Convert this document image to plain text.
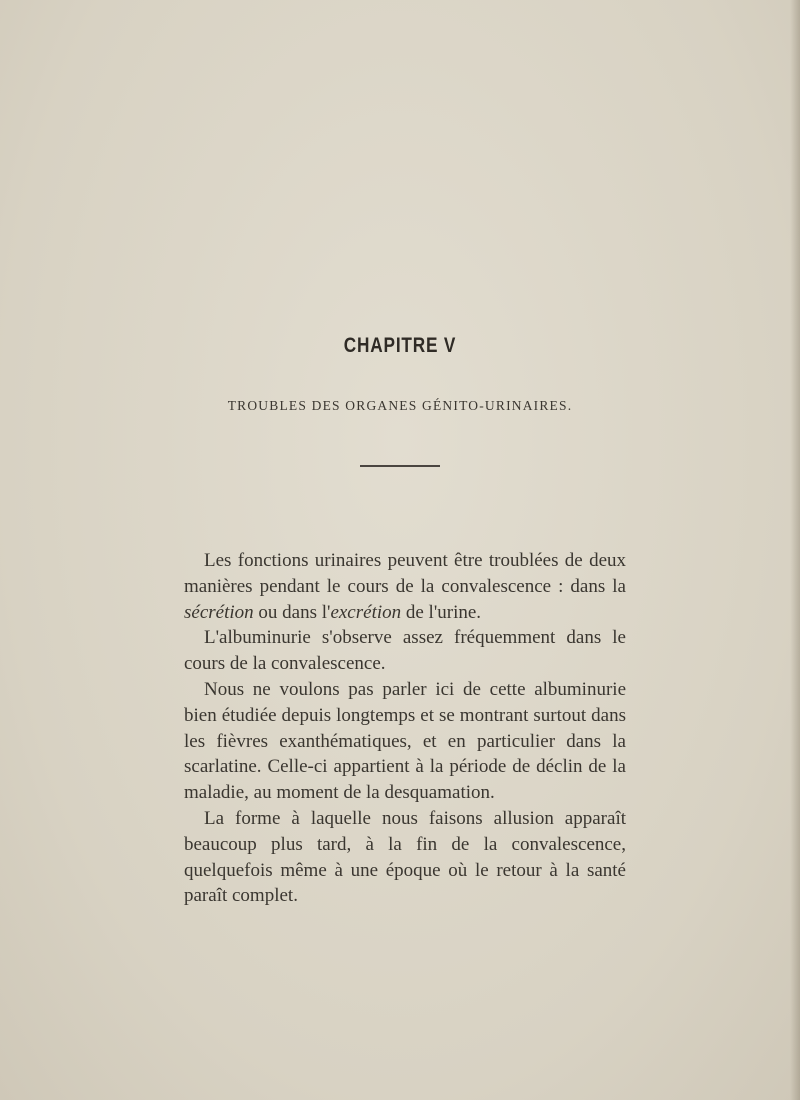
CHAPITRE V
TROUBLES DES ORGANES GÉNITO-URINAIRES.

Les fonctions urinaires peuvent être troublées de deux manières pendant le cours de la convalescence : dans la sécrétion ou dans l'excrétion de l'urine.

L'albuminurie s'observe assez fréquemment dans le cours de la convalescence.

Nous ne voulons pas parler ici de cette albuminurie bien étudiée depuis longtemps et se montrant surtout dans les fièvres exanthématiques, et en particulier dans la scarlatine. Celle-ci appartient à la période de déclin de la maladie, au moment de la desquamation.

La forme à laquelle nous faisons allusion apparaît beaucoup plus tard, à la fin de la convalescence, quelquefois même à une époque où le retour à la santé paraît complet.
